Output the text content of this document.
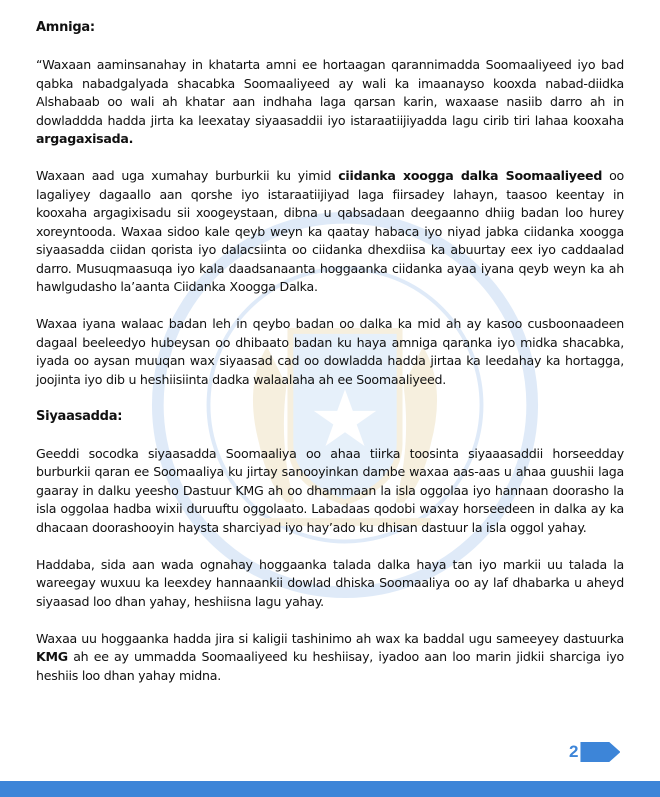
Amniga:

“Waxaan aaminsanahay in khatarta amni ee hortaagan qarannimadda Soomaaliyeed iyo bad qabka nabadgalyada shacabka Soomaaliyeed ay wali ka imaanayso kooxda nabad-diidka Alshabaab oo wali ah khatar aan indhaha laga qarsan karin, waxaase nasiib darro ah in dowladdda hadda jirta ka leexatay siyaasaddii iyo istaraatiijiyadda lagu cirib tiri lahaa kooxaha argagaxisada.

Waxaan aad uga xumahay burburkii ku yimid ciidanka xoogga dalka Soomaaliyeed oo lagaliyey dagaallo aan qorshe iyo istaraatiijiyad laga fiirsadey lahayn, taasoo keentay in kooxaha argagixisadu sii xoogeystaan, dibna u qabsadaan deegaanno dhiig badan loo hurey xoreyntooda. Waxaa sidoo kale qeyb weyn ka qaatay habaca iyo niyad jabka ciidanka xoogga siyaasadda ciidan qorista iyo dalacsiinta oo ciidanka dhexdiisa ka abuurtay eex iyo caddaalad darro. Musuqmaasuqa iyo kala daadsanaanta hoggaanka ciidanka ayaa iyana qeyb weyn ka ah hawlgudasho la’aanta Ciidanka Xoogga Dalka.

Waxaa iyana walaac badan leh in qeybo badan oo dalka ka mid ah ay kasoo cusboonaadeen dagaal beeleedyo hubeysan oo dhibaato badan ku haya amniga qaranka iyo midka shacabka, iyada oo aysan muuqan wax siyaasad cad oo dowladda hadda jirtaa ka leedahay ka hortagga, joojinta iyo dib u heshiisiinta dadka walaalaha ah ee Soomaaliyeed.

Siyaasadda:

Geeddi socodka siyaasadda Soomaaliya oo ahaa tiirka toosinta siyaaasaddii horseedday burburkii qaran ee Soomaaliya ku jirtay sanooyinkan dambe waxaa aas-aas u ahaa guushii laga gaaray in dalku yeesho Dastuur KMG ah oo dhammaan la isla oggolaa iyo hannaan doorasho la isla oggolaa hadba wixii duruuftu oggolaato. Labadaas qodobi waxay horseedeen in dalka ay ka dhacaan doorashooyin haysta sharciyad iyo hay’ado ku dhisan dastuur la isla oggol yahay.

Haddaba, sida aan wada ognahay hoggaanka talada dalka haya tan iyo markii uu talada la wareegay wuxuu ka leexdey hannaankii dowlad dhiska Soomaaliya oo ay laf dhabarka u aheyd siyaasad loo dhan yahay, heshiisna lagu yahay.

Waxaa uu hoggaanka hadda jira si kaligii tashinimo ah wax ka baddal ugu sameeyey dastuurka KMG ah ee ay ummadda Soomaaliyeed ku heshiisay, iyadoo aan loo marin jidkii sharciga iyo heshiis loo dhan yahay midna.

2
